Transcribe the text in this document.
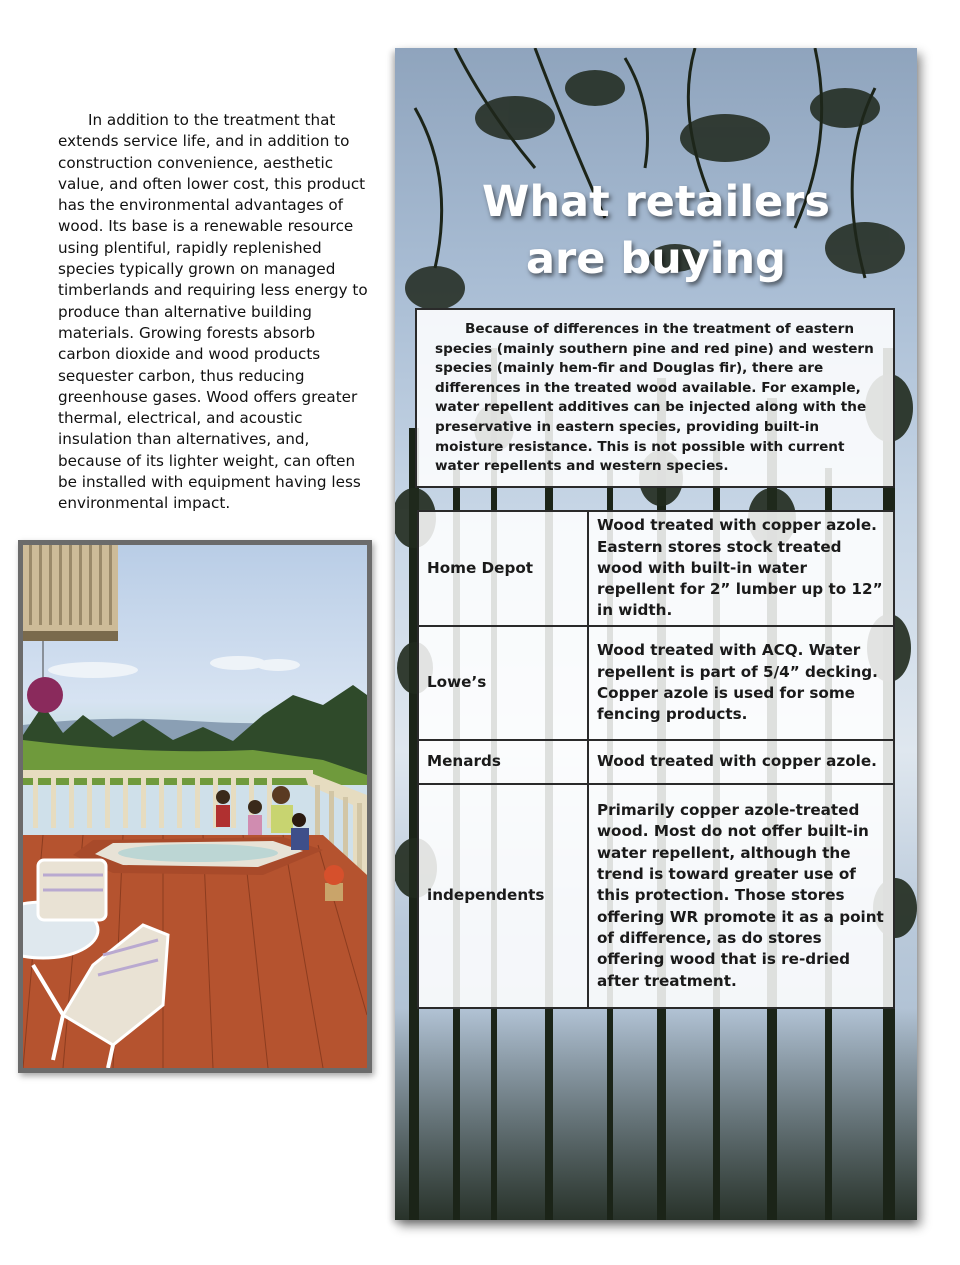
In addition to the treatment that extends service life, and in addition to construction convenience, aesthetic value, and often lower cost, this product has the environmental advantages of wood. Its base is a renewable resource using plentiful, rapidly replenished species typically grown on managed timberlands and requiring less energy to produce than alternative building materials. Growing forests absorb carbon dioxide and wood products sequester carbon, thus reducing greenhouse gases. Wood offers greater thermal, electrical, and acoustic insulation than alternatives, and, because of its lighter weight, can often be installed with equipment having less environmental impact.

What retailers
are buying

Because of differences in the treatment of eastern species (mainly southern pine and red pine) and western species (mainly hem-fir and Douglas fir), there are differences in the treated wood available. For example, water repellent additives can be injected along with the preservative in eastern species, providing built-in moisture resistance. This is not possible with current water repellents and western species.

Home Depot	Wood treated with copper azole. Eastern stores stock treated wood with built-in water repellent for 2” lumber up to 12” in width.
Lowe’s	Wood treated with ACQ. Water repellent is part of 5/4” decking. Copper azole is used for some fencing products.
Menards	Wood treated with copper azole.
independents	Primarily copper azole-treated wood. Most do not offer built-in water repellent, although the trend is toward greater use of this protection. Those stores offering WR promote it as a point of difference, as do stores offering wood that is re-dried after treatment.
